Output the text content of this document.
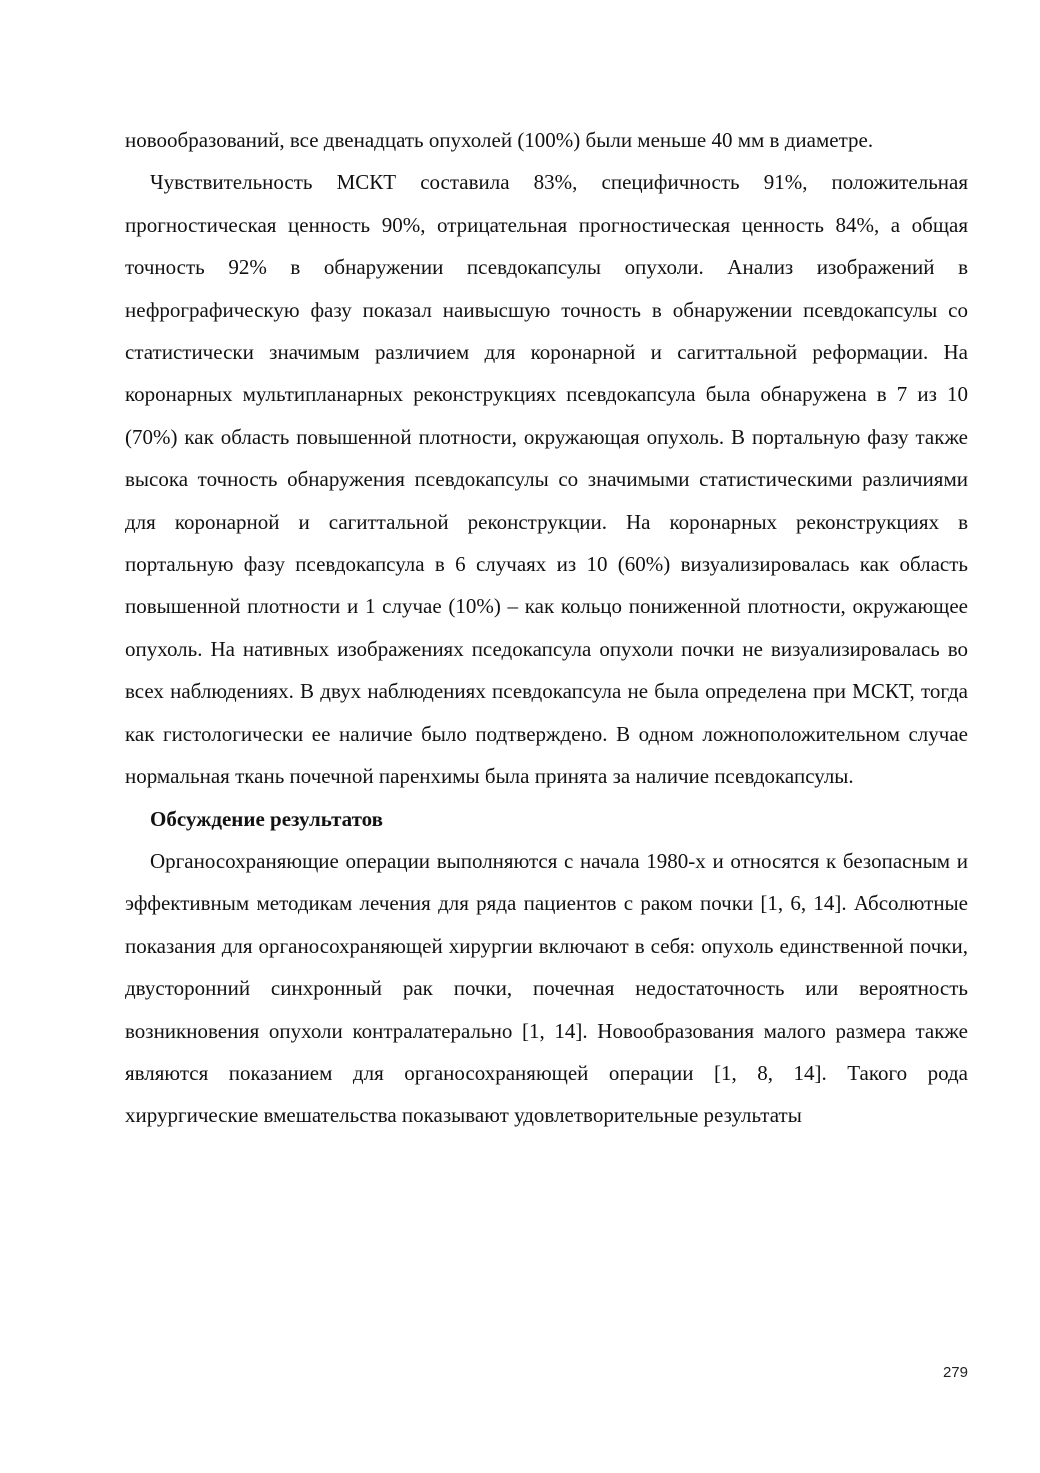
новообразований, все двенадцать опухолей (100%) были меньше 40 мм в диаметре.

Чувствительность МСКТ составила 83%, специфичность 91%, положительная прогностическая ценность 90%, отрицательная прогностическая ценность 84%, а общая точность 92% в обнаружении псевдокапсулы опухоли. Анализ изображений в нефрографическую фазу показал наивысшую точность в обнаружении псевдокапсулы со статистически значимым различием для коронарной и сагиттальной реформации. На коронарных мультипланарных реконструкциях псевдокапсула была обнаружена в 7 из 10 (70%) как область повышенной плотности, окружающая опухоль. В портальную фазу также высока точность обнаружения псевдокапсулы со значимыми статистическими различиями для коронарной и сагиттальной реконструкции. На коронарных реконструкциях в портальную фазу псевдокапсула в 6 случаях из 10 (60%) визуализировалась как область повышенной плотности и 1 случае (10%) – как кольцо пониженной плотности, окружающее опухоль. На нативных изображениях пседокапсула опухоли почки не визуализировалась во всех наблюдениях. В двух наблюдениях псевдокапсула не была определена при МСКТ, тогда как гистологически ее наличие было подтверждено. В одном ложноположительном случае нормальная ткань почечной паренхимы была принята за наличие псевдокапсулы.

Обсуждение результатов

Органосохраняющие операции выполняются с начала 1980-х и относятся к безопасным и эффективным методикам лечения для ряда пациентов с раком почки [1, 6, 14]. Абсолютные показания для органосохраняющей хирургии включают в себя: опухоль единственной почки, двусторонний синхронный рак почки, почечная недостаточность или вероятность возникновения опухоли контралатерально [1, 14]. Новообразования малого размера также являются показанием для органосохраняющей операции [1, 8, 14]. Такого рода хирургические вмешательства показывают удовлетворительные результаты

279
